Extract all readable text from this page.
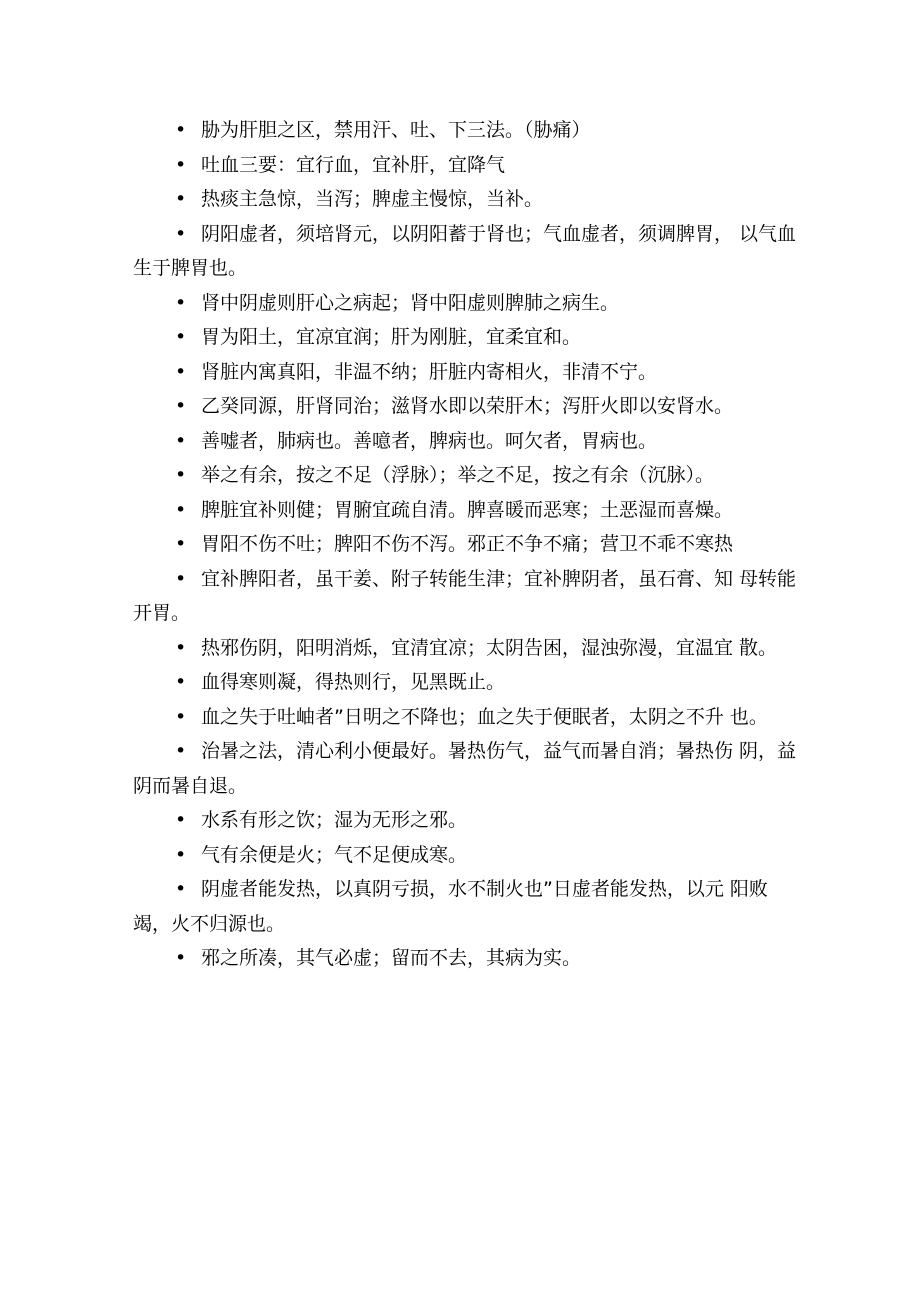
• 胁为肝胆之区，禁用汗、吐、下三法。（胁痛）
• 吐血三要：宜行血，宜补肝，宜降气
• 热痰主急惊，当泻；脾虚主慢惊，当补。
• 阴阳虚者，须培肾元，以阴阳蓄于肾也；气血虚者，须调脾胃， 以气血生于脾胃也。
• 肾中阴虚则肝心之病起；肾中阳虚则脾肺之病生。
• 胃为阳土，宜凉宜润；肝为刚脏，宜柔宜和。
• 肾脏内寓真阳，非温不纳；肝脏内寄相火，非清不宁。
• 乙癸同源，肝肾同治；滋肾水即以荣肝木；泻肝火即以安肾水。
• 善嘘者，肺病也。善噫者，脾病也。呵欠者，胃病也。
• 举之有余，按之不足（浮脉）；举之不足，按之有余（沉脉）。
• 脾脏宜补则健；胃腑宜疏自清。脾喜暖而恶寒；土恶湿而喜燥。
• 胃阳不伤不吐；脾阳不伤不泻。邪正不争不痛；营卫不乖不寒热
• 宜补脾阳者，虽干姜、附子转能生津；宜补脾阴者，虽石膏、知 母转能开胃。
• 热邪伤阴，阳明消烁，宜清宜凉；太阴告困，湿浊弥漫，宜温宜 散。
• 血得寒则凝，得热则行，见黑既止。
• 血之失于吐岫者”日明之不降也；血之失于便眠者，太阴之不升 也。
• 治暑之法，清心利小便最好。暑热伤气，益气而暑自消；暑热伤 阴，益阴而暑自退。
• 水系有形之饮；湿为无形之邪。
• 气有余便是火；气不足便成寒。
• 阴虚者能发热，以真阴亏损，水不制火也”日虚者能发热，以元 阳败竭，火不归源也。
• 邪之所凑，其气必虚；留而不去，其病为实。
